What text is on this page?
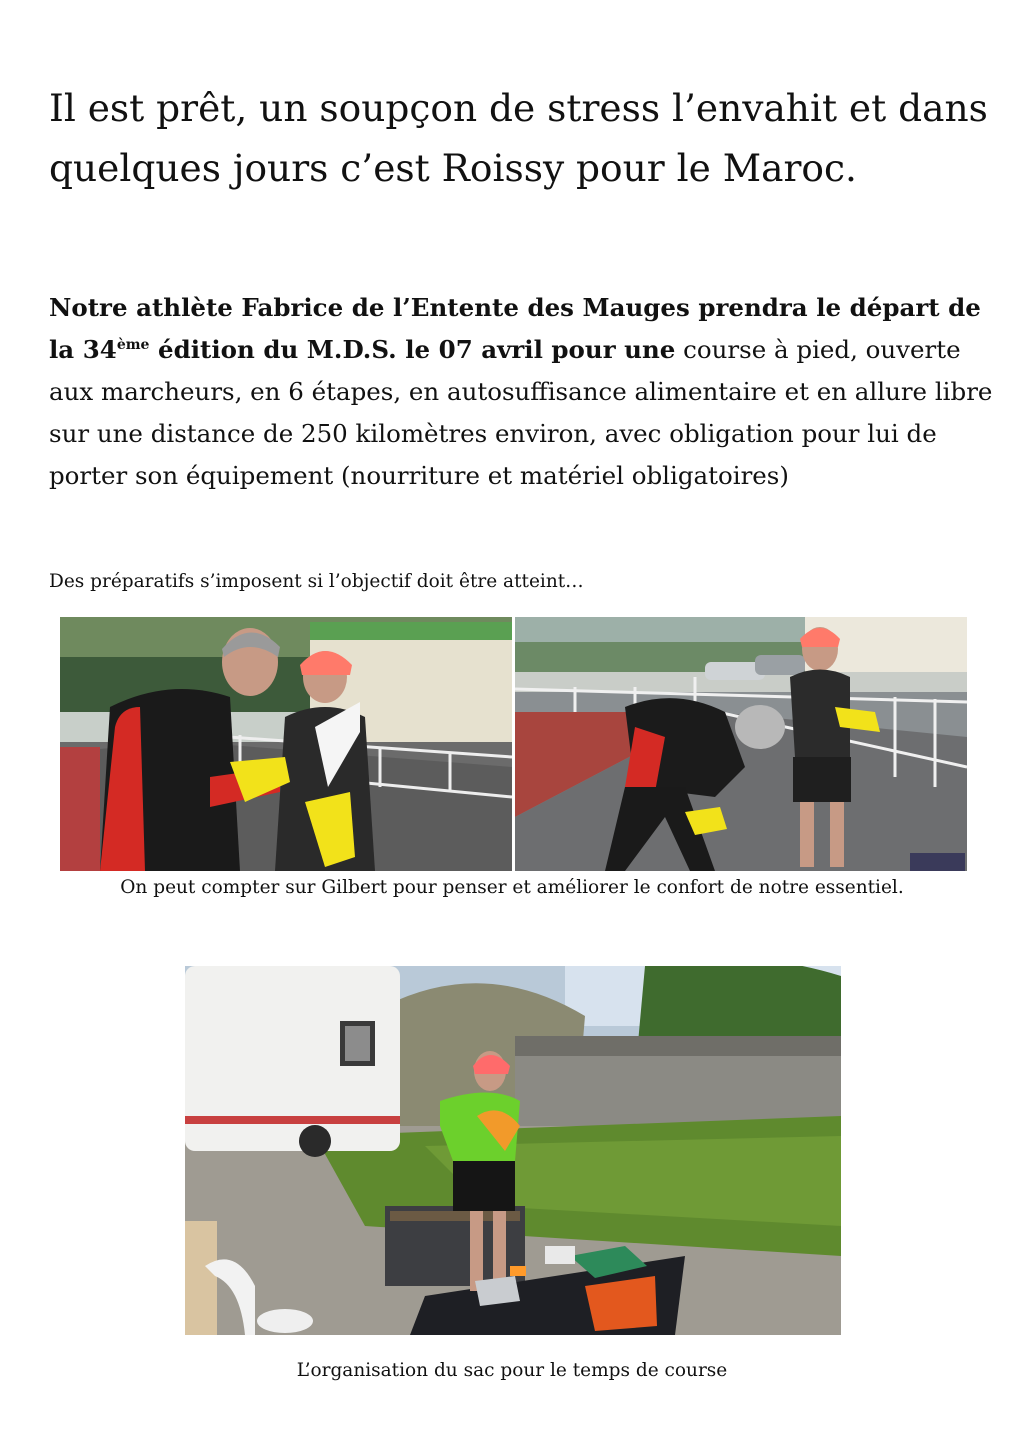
Il est prêt, un soupçon de stress l’envahit et dans quelques jours c’est Roissy pour le Maroc.

Notre athlète Fabrice de l’Entente des Mauges prendra le départ de la 34ème édition du M.D.S. le 07 avril pour une course à pied, ouverte aux marcheurs, en 6 étapes, en autosuffisance alimentaire et en allure libre sur une distance de 250 kilomètres environ, avec obligation pour lui de porter son équipement (nourriture et matériel obligatoires)

Des préparatifs s’imposent si l’objectif doit être atteint…

On peut compter sur Gilbert pour penser et améliorer le confort de notre essentiel.

L’organisation du sac pour le temps de course
